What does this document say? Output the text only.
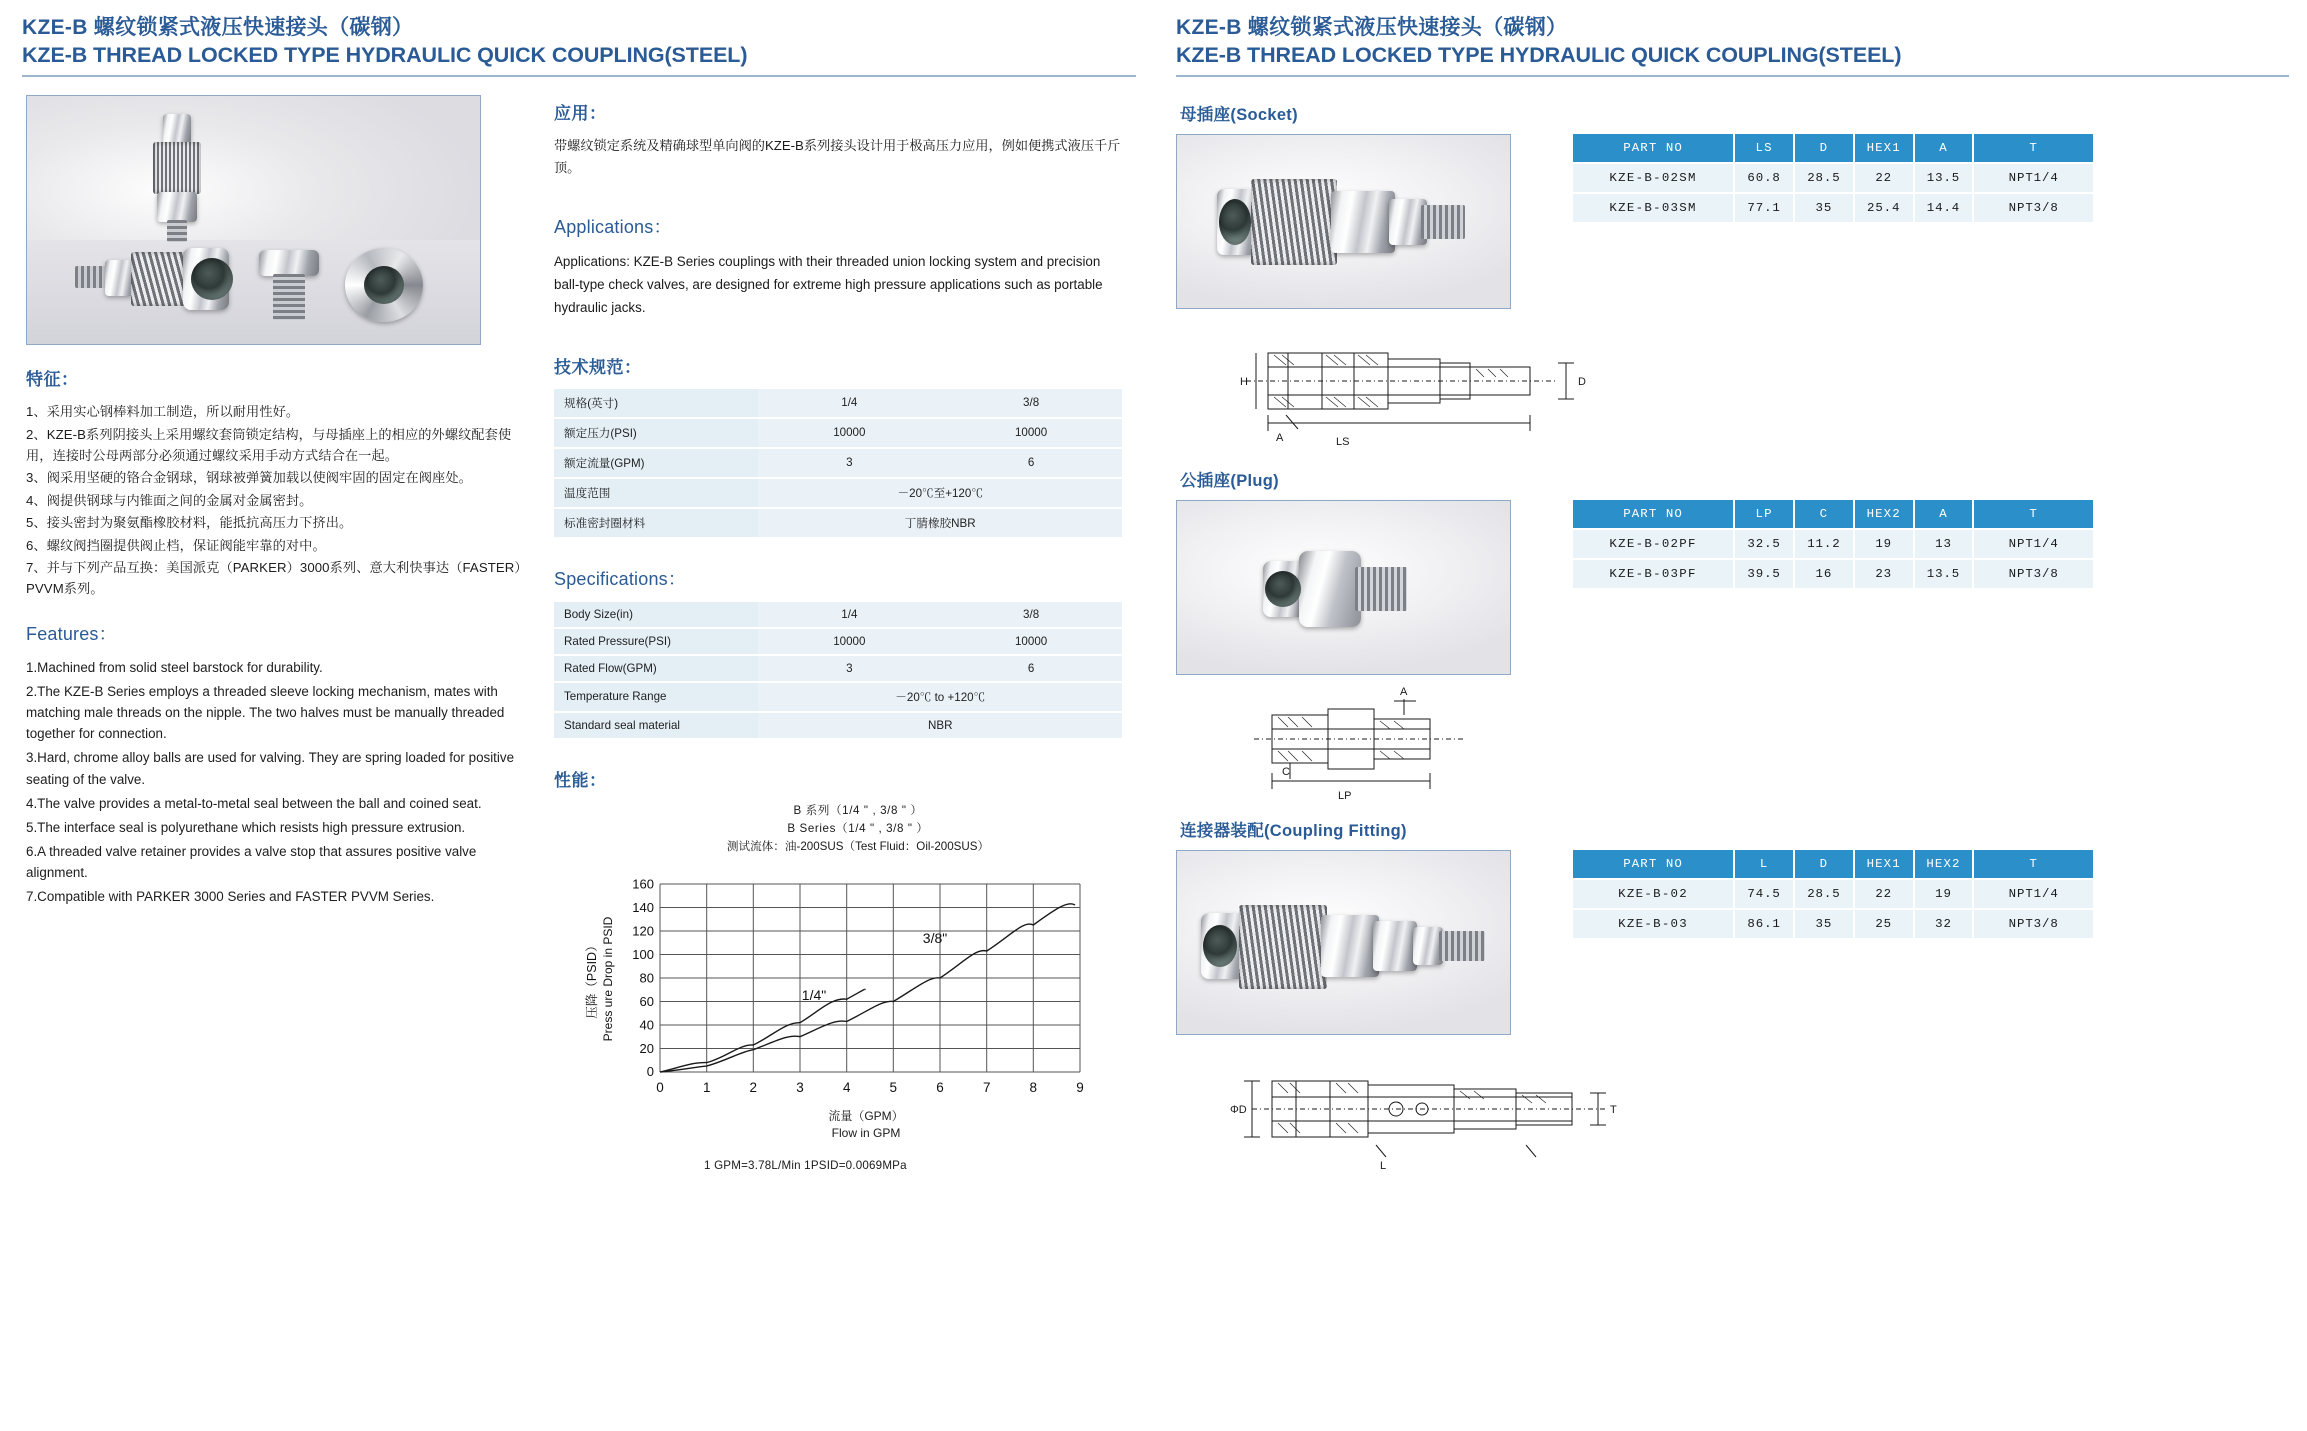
KZE-B 螺纹锁紧式液压快速接头（碳钢）
KZE-B THREAD LOCKED TYPE HYDRAULIC QUICK COUPLING(STEEL)
特征：
1、采用实心钢棒料加工制造，所以耐用性好。
2、KZE-B系列阴接头上采用螺纹套筒锁定结构，与母插座上的相应的外螺纹配套使用，连接时公母两部分必须通过螺纹采用手动方式结合在一起。
3、阀采用坚硬的铬合金钢球，钢球被弹簧加载以使阀牢固的固定在阀座处。
4、阀提供钢球与内锥面之间的金属对金属密封。
5、接头密封为聚氨酯橡胶材料，能抵抗高压力下挤出。
6、螺纹阀挡圈提供阀止档，保证阀能牢靠的对中。
7、并与下列产品互换：美国派克（PARKER）3000系列、意大利快事达（FASTER）PVVM系列。
Features：
1.Machined from solid steel barstock for durability.
2.The KZE-B Series employs a threaded sleeve locking mechanism, mates with matching male threads on the nipple. The two halves must be manually threaded together for connection.
3.Hard, chrome alloy balls are used for valving. They are spring loaded for positive seating of the valve.
4.The valve provides a metal-to-metal seal between the ball and coined seat.
5.The interface seal is polyurethane which resists high pressure extrusion.
6.A threaded valve retainer provides a valve stop that assures positive valve alignment.
7.Compatible with PARKER 3000 Series and FASTER PVVM Series.
应用：

带螺纹锁定系统及精确球型单向阀的KZE-B系列接头设计用于极高压力应用，例如便携式液压千斤顶。

Applications：

Applications: KZE-B Series couplings with their threaded union locking system and precision ball-type check valves, are designed for extreme high pressure applications such as portable hydraulic jacks.

技术规范：
规格(英寸)	1/4	3/8
额定压力(PSI)	10000	10000
额定流量(GPM)	3	6
温度范围	－20℃至+120℃	
标准密封圈材料	丁腈橡胶NBR	
Specifications：
Body Size(in)	1/4	3/8
Rated Pressure(PSI)	10000	10000
Rated Flow(GPM)	3	6
Temperature Range	－20℃ to +120℃	
Standard seal material	NBR	
性能：
B 系列（1/4 " , 3/8 " ）
B Series（1/4 " , 3/8 " ）
测试流体：油-200SUS（Test Fluid：Oil-200SUS）
0
20
40
60
80
100
120
140
160
0	1	2	3	4	5	6	7	8	9
1/4"
3/8"
压降（PSID） Press ure Drop in PSID
流量（GPM）
Flow in GPM
1 GPM=3.78L/Min 1PSID=0.0069MPa
KZE-B 螺纹锁紧式液压快速接头（碳钢）
KZE-B THREAD LOCKED TYPE HYDRAULIC QUICK COUPLING(STEEL)
母插座(Socket)
PART NO	LS	D	HEX1	A	T
KZE-B-02SM	60.8	28.5	22	13.5	NPT1/4
KZE-B-03SM	77.1	35	25.4	14.4	NPT3/8
H
A	LS
D
公插座(Plug)
PART NO	LP	C	HEX2	A	T
KZE-B-02PF	32.5	11.2	19	13	NPT1/4
KZE-B-03PF	39.5	16	23	13.5	NPT3/8
A
C
LP
连接器装配(Coupling Fitting)
PART NO	L	D	HEX1	HEX2	T
KZE-B-02	74.5	28.5	22	19	NPT1/4
KZE-B-03	86.1	35	25	32	NPT3/8
ΦD
L
T
